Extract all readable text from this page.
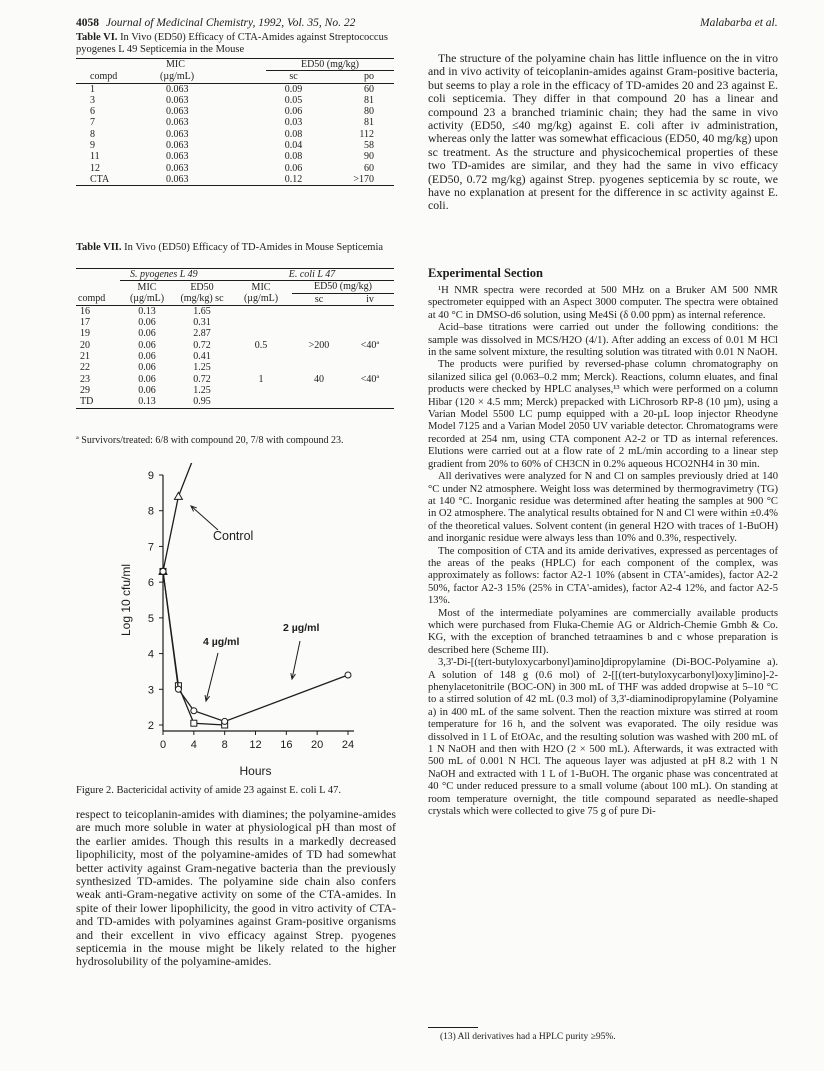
4058 Journal of Medicinal Chemistry, 1992, Vol. 35, No. 22	Malabarba et al.
Table VI. In Vivo (ED50) Efficacy of CTA-Amides against Streptococcus pyogenes L 49 Septicemia in the Mouse
	MIC	ED50 (mg/kg)	
compd	(µg/mL)	sc	po
1	0.063	0.09	60
3	0.063	0.05	81
6	0.063	0.06	80
7	0.063	0.03	81
8	0.063	0.08	112
9	0.063	0.04	58
11	0.063	0.08	90
12	0.063	0.06	60
CTA	0.063	0.12	>170
Table VII. In Vivo (ED50) Efficacy of TD-Amides in Mouse Septicemia
	S. pyogenes L 49		E. coli L 47		
	MIC	ED50	MIC	ED50 (mg/kg)	
compd	(µg/mL)	(mg/kg) sc	(µg/mL)	sc	iv
16	0.13	1.65			
17	0.06	0.31			
19	0.06	2.87			
20	0.06	0.72	0.5	>200	<40ª
21	0.06	0.41			
22	0.06	1.25			
23	0.06	0.72	1	40	<40ª
29	0.06	1.25			
TD	0.13	0.95			
ª Survivors/treated: 6/8 with compound 20, 7/8 with compound 23.
2
3
4
5
6
7
8
9
0 4 8 12 16 20 24
Hours
Log 10 cfu/ml
Control
4 µg/ml
2 µg/ml
Figure 2. Bactericidal activity of amide 23 against E. coli L 47.

respect to teicoplanin-amides with diamines; the polyamine-amides are much more soluble in water at physiological pH than most of the earlier amides. Though this results in a markedly decreased lipophilicity, most of the polyamine-amides of TD had somewhat better activity against Gram-negative bacteria than the previously synthesized TD-amides. The polyamine side chain also confers weak anti-Gram-negative activity on some of the CTA-amides. In spite of their lower lipophilicity, the good in vitro activity of CTA- and TD-amides with polyamines against Gram-positive organisms and their excellent in vivo efficacy against Strep. pyogenes septicemia in the mouse might be likely related to the higher hydrosolubility of the polyamine-amides.

The structure of the polyamine chain has little influence on the in vitro and in vivo activity of teicoplanin-amides against Gram-positive bacteria, but seems to play a role in the efficacy of TD-amides 20 and 23 against E. coli septicemia. They differ in that compound 20 has a linear and compound 23 a branched triaminic chain; they had the same in vivo activity (ED50, ≤40 mg/kg) against E. coli after iv administration, whereas only the latter was somewhat efficacious (ED50, 40 mg/kg) upon sc treatment. As the structure and physicochemical properties of these two TD-amides are similar, and they had the same in vivo efficacy (ED50, 0.72 mg/kg) against Strep. pyogenes septicemia by sc route, we have no explanation at present for the difference in sc activity against E. coli.

Experimental Section

¹H NMR spectra were recorded at 500 MHz on a Bruker AM 500 NMR spectrometer equipped with an Aspect 3000 computer. The spectra were obtained at 40 °C in DMSO-d6 solution, using Me4Si (δ 0.00 ppm) as internal reference.

Acid–base titrations were carried out under the following conditions: the sample was dissolved in MCS/H2O (4/1). After adding an excess of 0.01 M HCl in the same solvent mixture, the resulting solution was titrated with 0.01 N NaOH.

The products were purified by reversed-phase column chromatography on silanized silica gel (0.063–0.2 mm; Merck). Reactions, column eluates, and final products were checked by HPLC analyses,¹³ which were performed on a column Hibar (120 × 4.5 mm; Merck) prepacked with LiChrosorb RP-8 (10 µm), using a Varian Model 5500 LC pump equipped with a 20-µL loop injector Rheodyne Model 7125 and a Varian Model 2050 UV variable detector. Chromatograms were recorded at 254 nm, using CTA component A2-2 or TD as internal references. Elutions were carried out at a flow rate of 2 mL/min according to a linear step gradient from 20% to 60% of CH3CN in 0.2% aqueous HCO2NH4 in 30 min.

All derivatives were analyzed for N and Cl on samples previously dried at 140 °C under N2 atmosphere. Weight loss was determined by thermogravimetry (TG) at 140 °C. Inorganic residue was determined after heating the samples at 900 °C in O2 atmosphere. The analytical results obtained for N and Cl were within ±0.4% of the theoretical values. Solvent content (in general H2O with traces of 1-BuOH) and inorganic residue were always less than 10% and 0.3%, respectively.

The composition of CTA and its amide derivatives, expressed as percentages of the areas of the peaks (HPLC) for each component of the complex, was approximately as follows: factor A2-1 10% (absent in CTA'-amides), factor A2-2 50%, factor A2-3 15% (25% in CTA'-amides), factor A2-4 12%, and factor A2-5 13%.

Most of the intermediate polyamines are commercially available products which were purchased from Fluka-Chemie AG or Aldrich-Chemie Gmbh & Co. KG, with the exception of branched tetraamines b and c whose preparation is described here (Scheme III).

3,3'-Di-[(tert-butyloxycarbonyl)amino]dipropylamine (Di-BOC-Polyamine a). A solution of 148 g (0.6 mol) of 2-[[(tert-butyloxycarbonyl)oxy]imino]-2-phenylacetonitrile (BOC-ON) in 300 mL of THF was added dropwise at 5–10 °C to a stirred solution of 42 mL (0.3 mol) of 3,3'-diaminodipropylamine (Polyamine a) in 400 mL of the same solvent. Then the reaction mixture was stirred at room temperature for 16 h, and the solvent was evaporated. The oily residue was dissolved in 1 L of EtOAc, and the resulting solution was washed with 200 mL of 1 N NaOH and then with H2O (2 × 500 mL). Afterwards, it was extracted with 500 mL of 0.001 N HCl. The aqueous layer was adjusted at pH 8.2 with 1 N NaOH and extracted with 1 L of 1-BuOH. The organic phase was concentrated at 40 °C under reduced pressure to a small volume (about 100 mL). On standing at room temperature overnight, the title compound separated as needle-shaped crystals which were collected to give 75 g of pure Di-

(13) All derivatives had a HPLC purity ≥95%.
